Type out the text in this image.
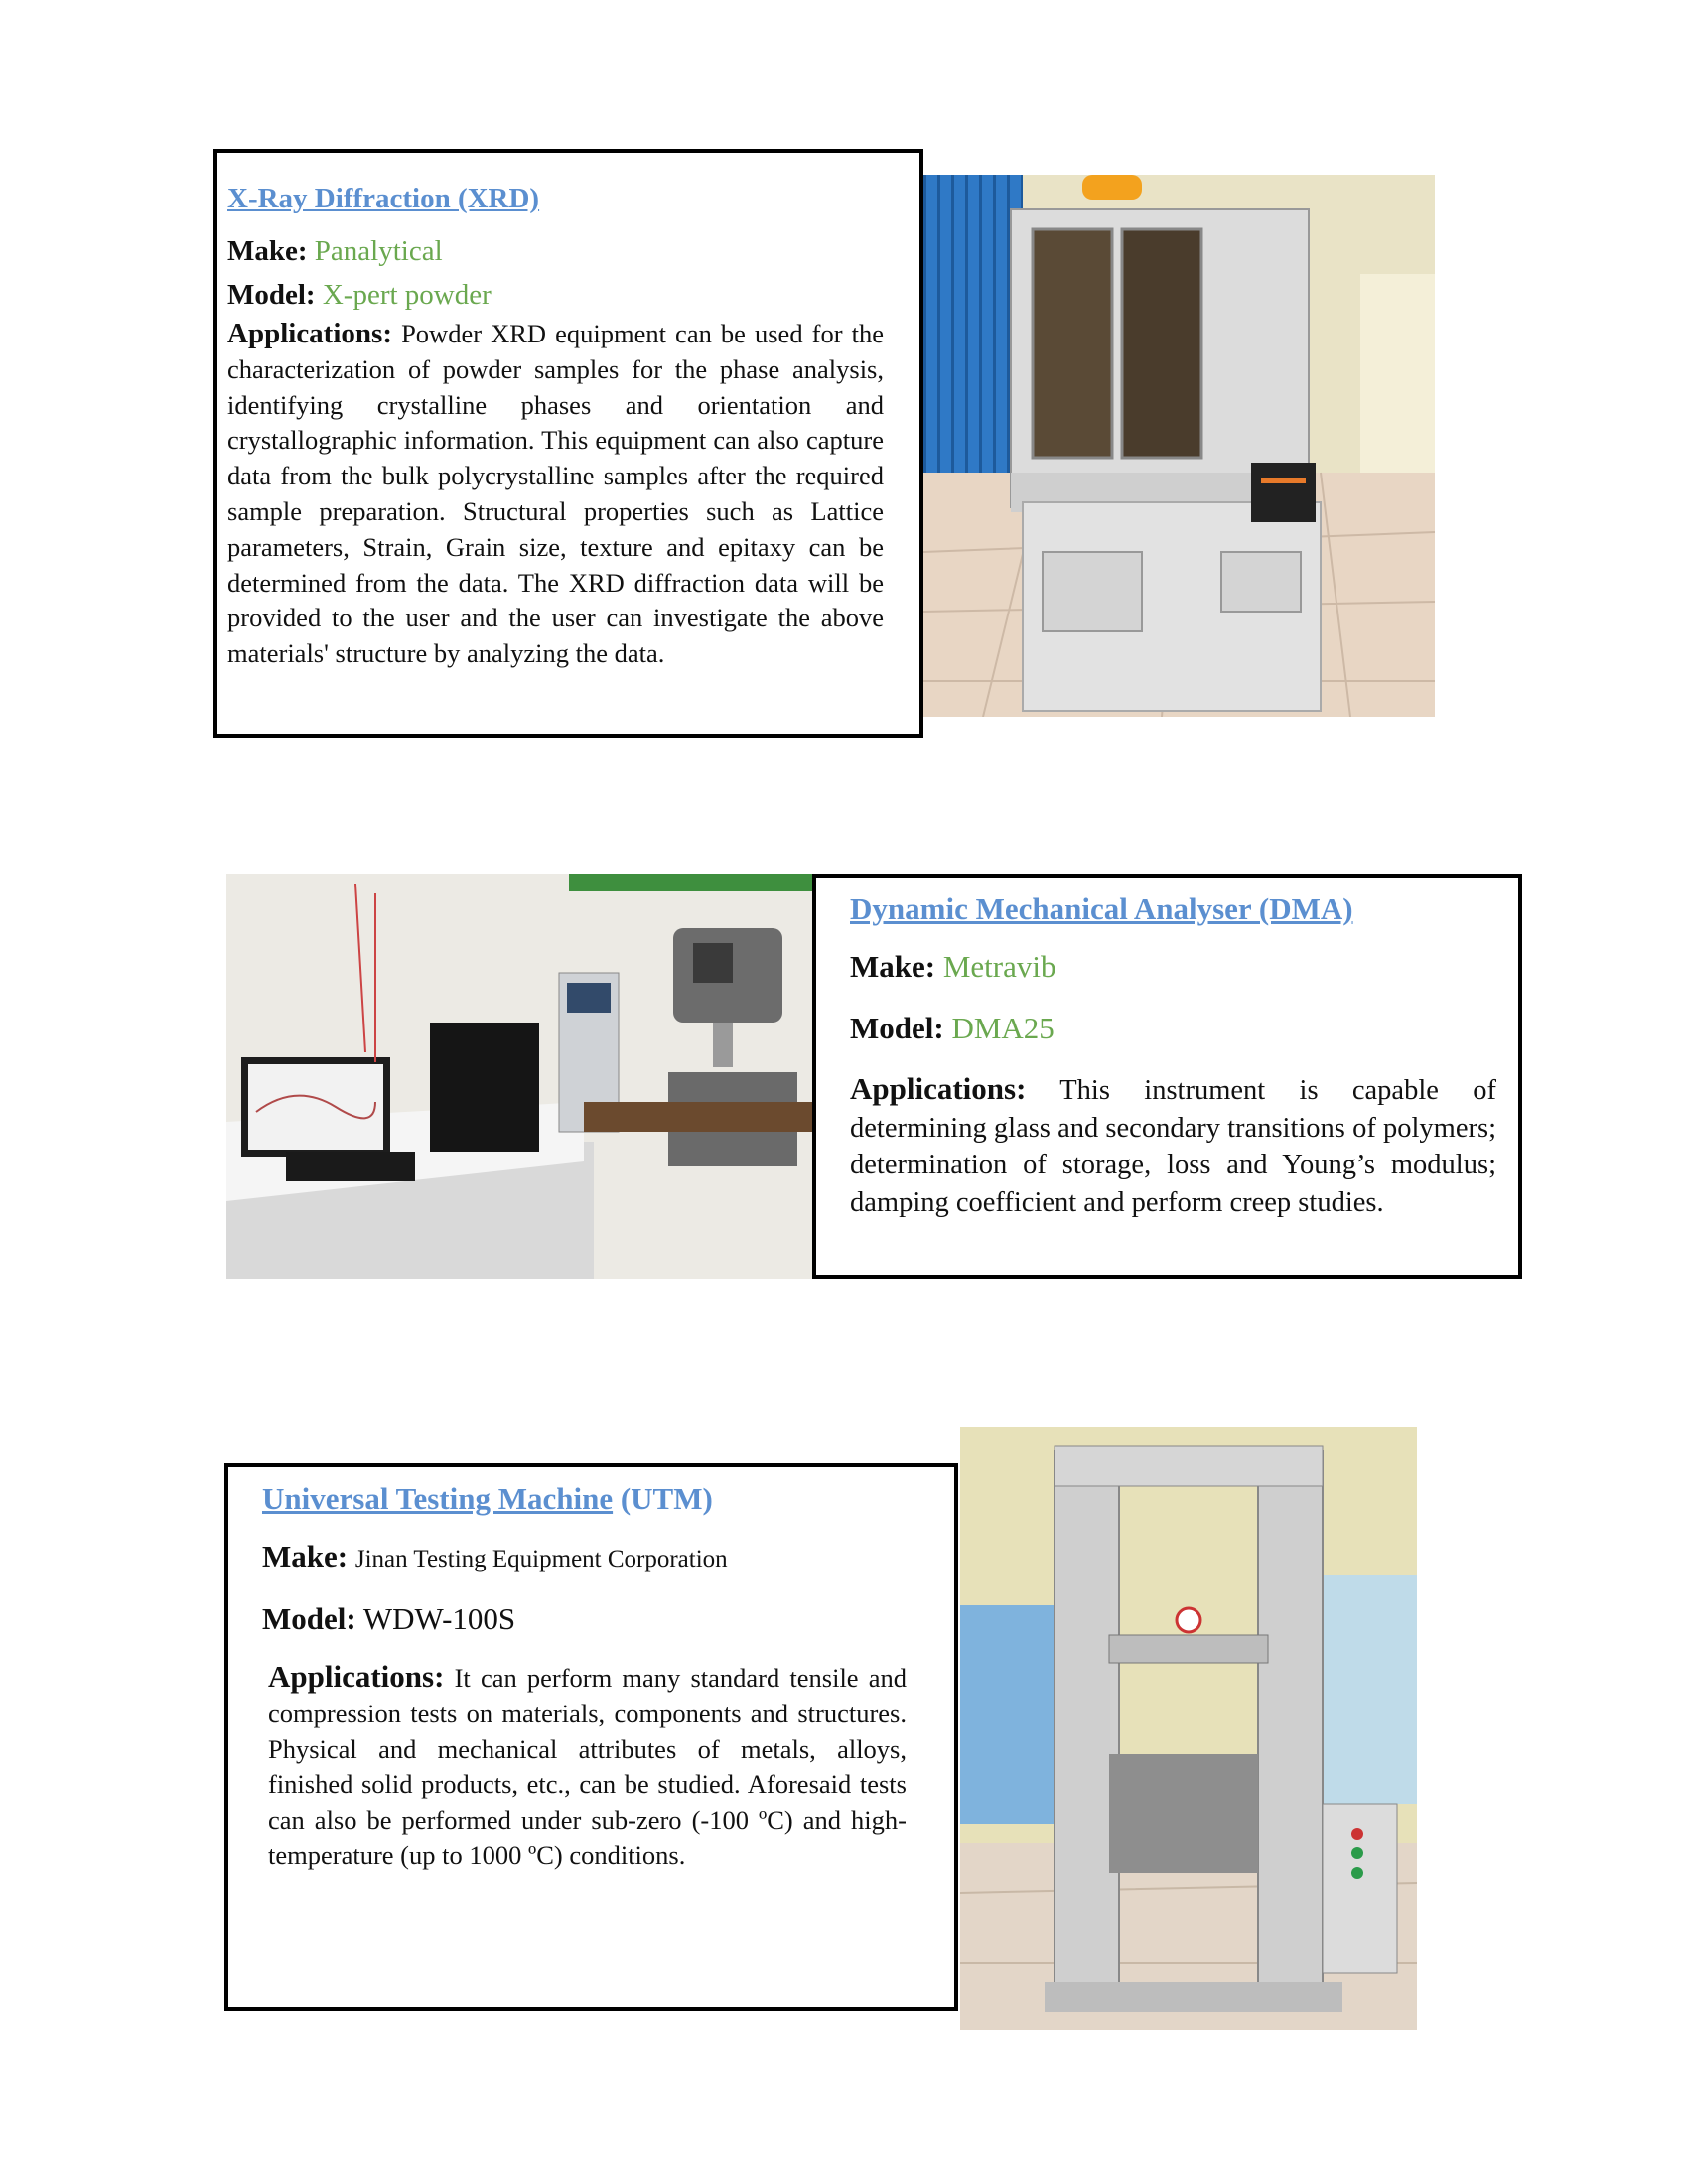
X-Ray Diffraction (XRD)

Make: Panalytical

Model: X-pert powder

Applications: Powder XRD equipment can be used for the characterization of powder samples for the phase analysis, identifying crystalline phases and orientation and crystallographic information. This equipment can also capture data from the bulk polycrystalline samples after the required sample preparation. Structural properties such as Lattice parameters, Strain, Grain size, texture and epitaxy can be determined from the data. The XRD diffraction data will be provided to the user and the user can investigate the above materials' structure by analyzing the data.

Dynamic Mechanical Analyser (DMA)

Make: Metravib

Model: DMA25

Applications: This instrument is capable of determining glass and secondary transitions of polymers; determination of storage, loss and Young’s modulus; damping coefficient and perform creep studies.

Universal Testing Machine (UTM)

Make: Jinan Testing Equipment Corporation

Model: WDW-100S

Applications: It can perform many standard tensile and compression tests on materials, components and structures. Physical and mechanical attributes of metals, alloys, finished solid products, etc., can be studied. Aforesaid tests can also be performed under sub-zero (-100 ºC) and high-temperature (up to 1000 ºC) conditions.
